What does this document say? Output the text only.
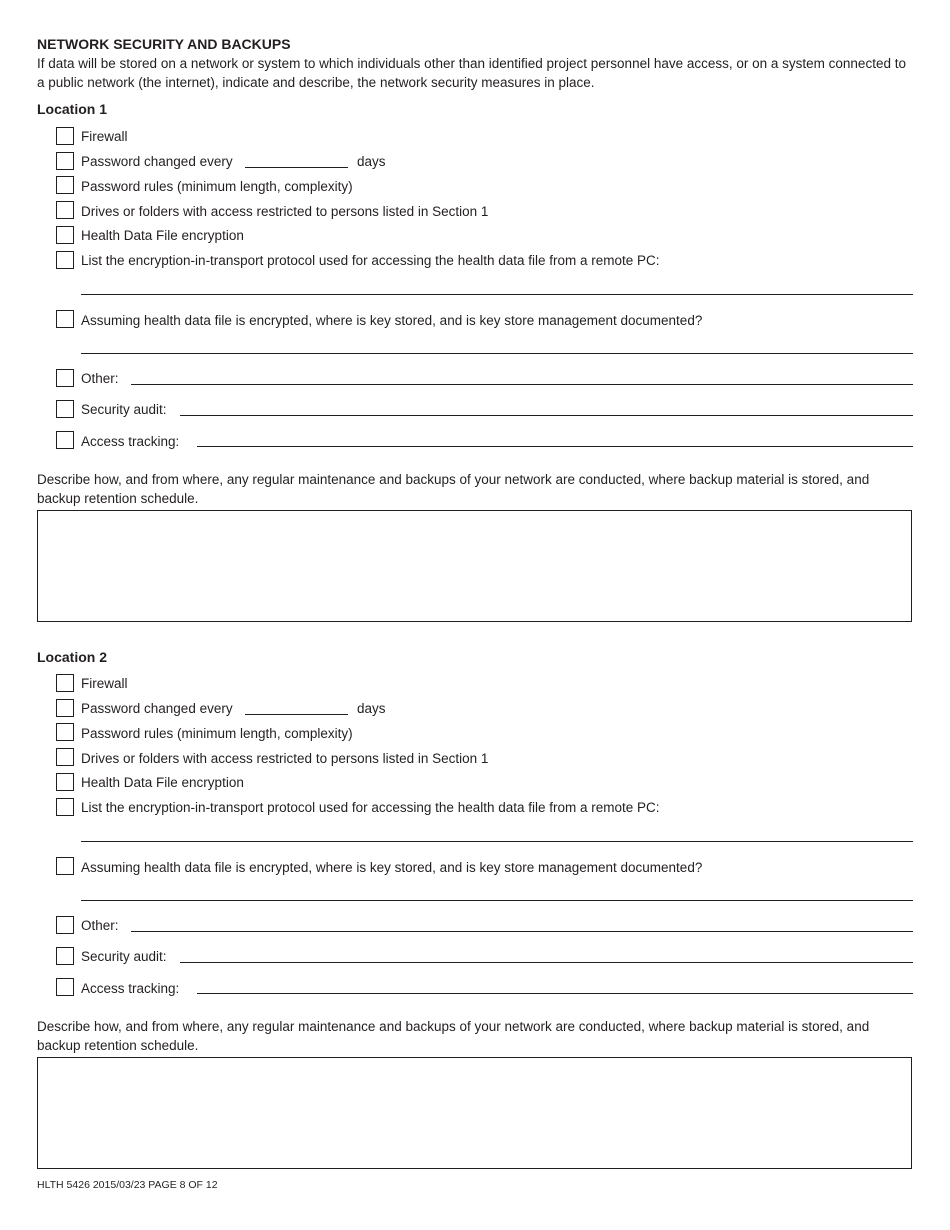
NETWORK SECURITY AND BACKUPS
If data will be stored on a network or system to which individuals other than identified project personnel have access, or on a system connected to a public network (the internet), indicate and describe, the network security measures in place.
Location 1
Firewall
Password changed every	days
Password rules (minimum length, complexity)
Drives or folders with access restricted to persons listed in Section 1
Health Data File encryption
List the encryption-in-transport protocol used for accessing the health data file from a remote PC:
Assuming health data file is encrypted, where is key stored, and is key store management documented?
Other:
Security audit:
Access tracking:
Describe how, and from where, any regular maintenance and backups of your network are conducted, where backup material is stored, and backup retention schedule.
Location 2
Firewall
Password changed every	days
Password rules (minimum length, complexity)
Drives or folders with access restricted to persons listed in Section 1
Health Data File encryption
List the encryption-in-transport protocol used for accessing the health data file from a remote PC:
Assuming health data file is encrypted, where is key stored, and is key store management documented?
Other:
Security audit:
Access tracking:
Describe how, and from where, any regular maintenance and backups of your network are conducted, where backup material is stored, and backup retention schedule.
HLTH 5426 2015/03/23 PAGE 8 OF 12
